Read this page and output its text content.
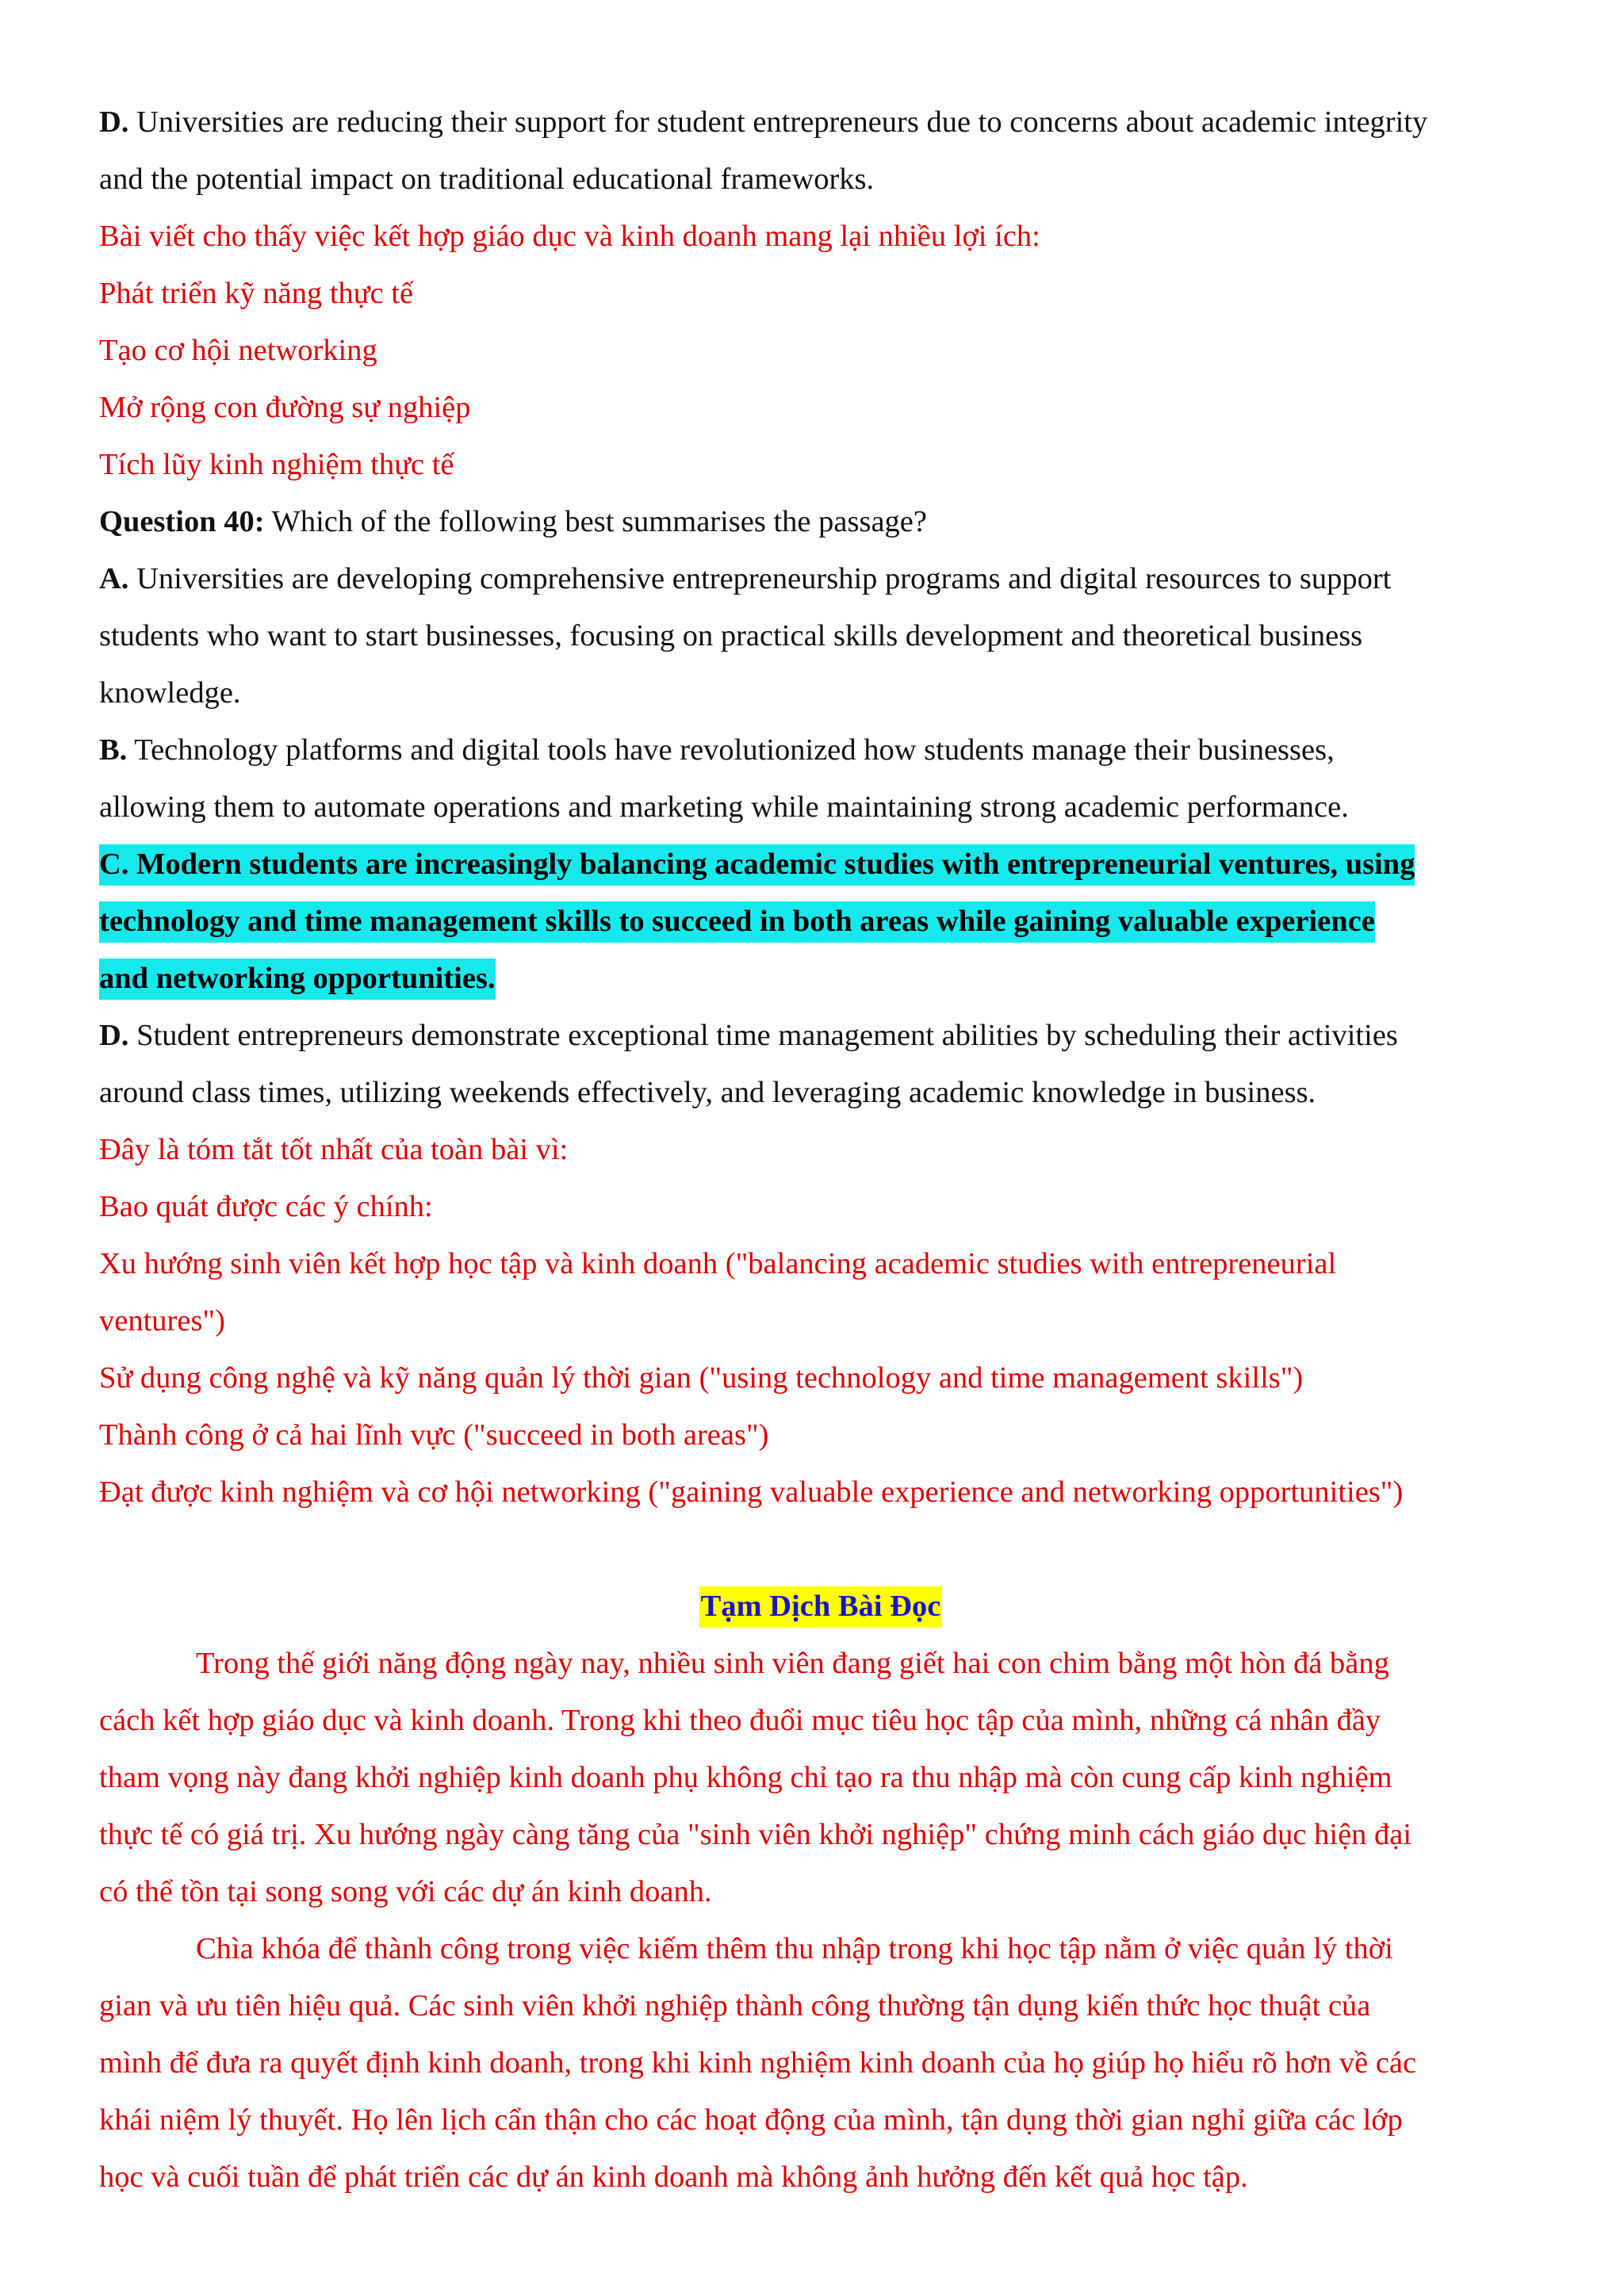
D. Universities are reducing their support for student entrepreneurs due to concerns about academic integrity
and the potential impact on traditional educational frameworks.
Bài viết cho thấy việc kết hợp giáo dục và kinh doanh mang lại nhiều lợi ích:
Phát triển kỹ năng thực tế
Tạo cơ hội networking
Mở rộng con đường sự nghiệp
Tích lũy kinh nghiệm thực tế
Question 40: Which of the following best summarises the passage?
A. Universities are developing comprehensive entrepreneurship programs and digital resources to support
students who want to start businesses, focusing on practical skills development and theoretical business
knowledge.
B. Technology platforms and digital tools have revolutionized how students manage their businesses,
allowing them to automate operations and marketing while maintaining strong academic performance.
C. Modern students are increasingly balancing academic studies with entrepreneurial ventures, using
technology and time management skills to succeed in both areas while gaining valuable experience
and networking opportunities.
D. Student entrepreneurs demonstrate exceptional time management abilities by scheduling their activities
around class times, utilizing weekends effectively, and leveraging academic knowledge in business.
Đây là tóm tắt tốt nhất của toàn bài vì:
Bao quát được các ý chính:
Xu hướng sinh viên kết hợp học tập và kinh doanh ("balancing academic studies with entrepreneurial
ventures")
Sử dụng công nghệ và kỹ năng quản lý thời gian ("using technology and time management skills")
Thành công ở cả hai lĩnh vực ("succeed in both areas")
Đạt được kinh nghiệm và cơ hội networking ("gaining valuable experience and networking opportunities")
Tạm Dịch Bài Đọc
Trong thế giới năng động ngày nay, nhiều sinh viên đang giết hai con chim bằng một hòn đá bằng
cách kết hợp giáo dục và kinh doanh. Trong khi theo đuổi mục tiêu học tập của mình, những cá nhân đầy
tham vọng này đang khởi nghiệp kinh doanh phụ không chỉ tạo ra thu nhập mà còn cung cấp kinh nghiệm
thực tế có giá trị. Xu hướng ngày càng tăng của "sinh viên khởi nghiệp" chứng minh cách giáo dục hiện đại
có thể tồn tại song song với các dự án kinh doanh.
Chìa khóa để thành công trong việc kiếm thêm thu nhập trong khi học tập nằm ở việc quản lý thời
gian và ưu tiên hiệu quả. Các sinh viên khởi nghiệp thành công thường tận dụng kiến thức học thuật của
mình để đưa ra quyết định kinh doanh, trong khi kinh nghiệm kinh doanh của họ giúp họ hiểu rõ hơn về các
khái niệm lý thuyết. Họ lên lịch cẩn thận cho các hoạt động của mình, tận dụng thời gian nghỉ giữa các lớp
học và cuối tuần để phát triển các dự án kinh doanh mà không ảnh hưởng đến kết quả học tập.
